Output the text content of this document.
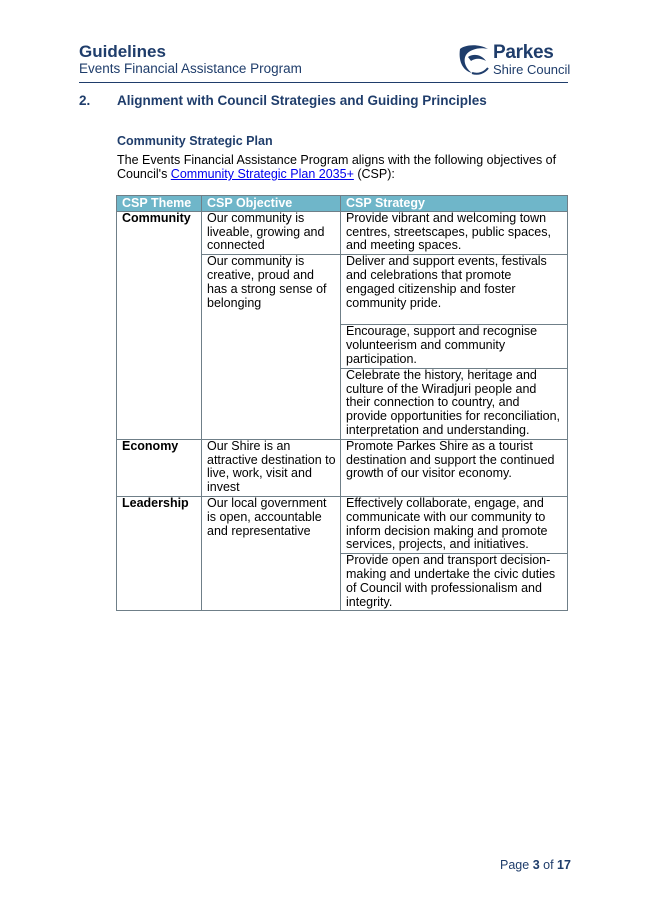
Guidelines
Events Financial Assistance Program
Parkes
Shire Council
2. Alignment with Council Strategies and Guiding Principles
Community Strategic Plan
The Events Financial Assistance Program aligns with the following objectives of Council's Community Strategic Plan 2035+ (CSP):
CSP Theme	CSP Objective	CSP Strategy
Community	Our community is liveable, growing and connected	Provide vibrant and welcoming town centres, streetscapes, public spaces, and meeting spaces.
	Our community is creative, proud and has a strong sense of belonging	Deliver and support events, festivals and celebrations that promote engaged citizenship and foster community pride.
		Encourage, support and recognise volunteerism and community participation.
		Celebrate the history, heritage and culture of the Wiradjuri people and their connection to country, and provide opportunities for reconciliation, interpretation and understanding.
Economy	Our Shire is an attractive destination to live, work, visit and invest	Promote Parkes Shire as a tourist destination and support the continued growth of our visitor economy.
Leadership	Our local government is open, accountable and representative	Effectively collaborate, engage, and communicate with our community to inform decision making and promote services, projects, and initiatives.
		Provide open and transport decision-making and undertake the civic duties of Council with professionalism and integrity.
Page 3 of 17
